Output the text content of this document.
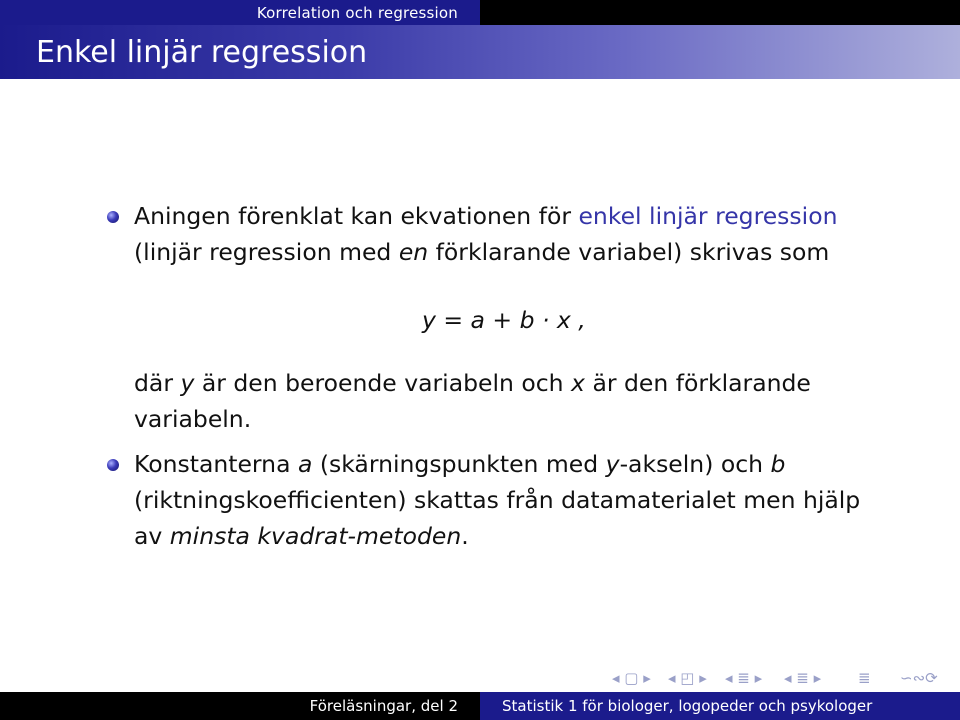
Korrelation och regression
Enkel linjär regression
Aningen förenklat kan ekvationen för enkel linjär regression
(linjär regression med en förklarande variabel) skrivas som
y = a + b · x ,
där y är den beroende variabeln och x är den förklarande
variabeln.
Konstanterna a (skärningspunkten med y-akseln) och b
(riktningskoefficienten) skattas från datamaterialet men hjälp
av minsta kvadrat-metoden.
◂ ▢ ▸ ◂ ◰ ▸ ◂ ≣ ▸ ◂ ≣ ▸ ≣ ∽∾⟳
Föreläsningar, del 2	Statistik 1 för biologer, logopeder och psykologer
